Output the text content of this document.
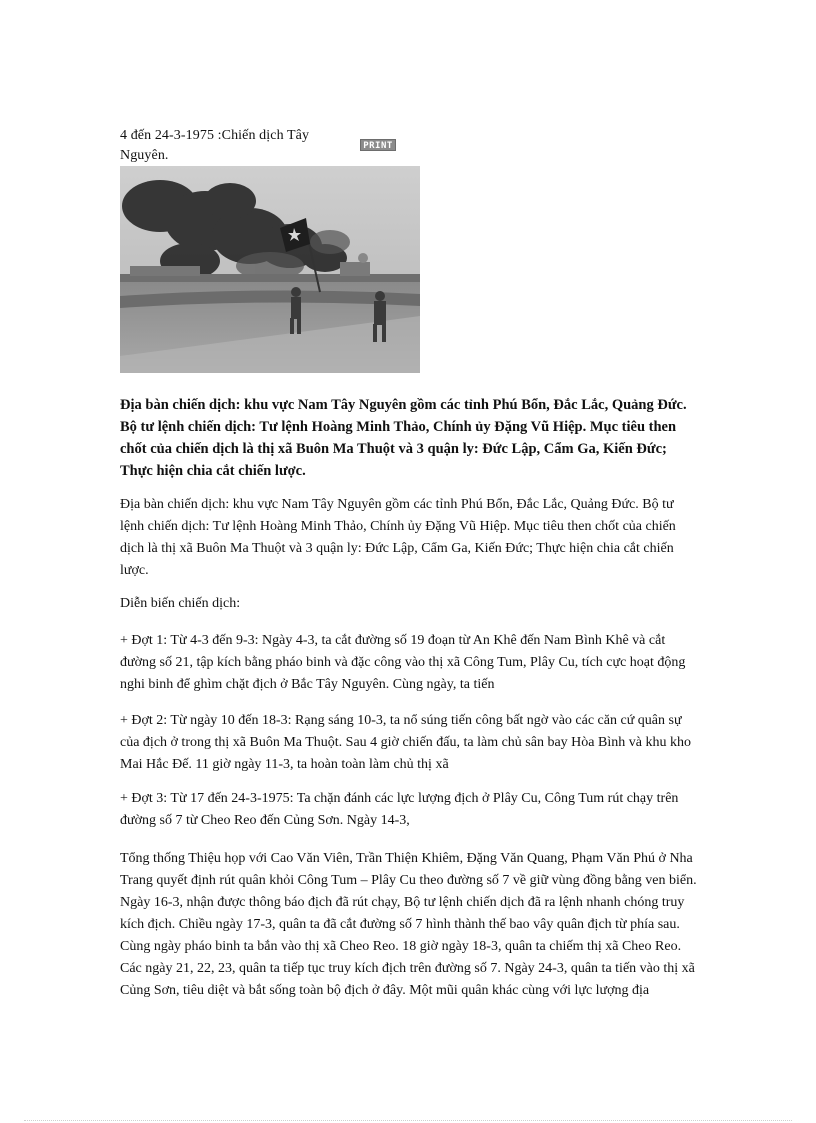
4 đến 24-3-1975 :Chiến dịch Tây Nguyên.
PRINT
Địa bàn chiến dịch: khu vực Nam Tây Nguyên gồm các tỉnh Phú Bổn, Đắc Lắc, Quảng Đức. Bộ tư lệnh chiến dịch: Tư lệnh Hoàng Minh Thảo, Chính ủy Đặng Vũ Hiệp. Mục tiêu then chốt của chiến dịch là thị xã Buôn Ma Thuột và 3 quận ly: Đức Lập, Cẩm Ga, Kiến Đức; Thực hiện chia cắt chiến lược.
Địa bàn chiến dịch: khu vực Nam Tây Nguyên gồm các tỉnh Phú Bổn, Đắc Lắc, Quảng Đức. Bộ tư lệnh chiến dịch: Tư lệnh Hoàng Minh Thảo, Chính ủy Đặng Vũ Hiệp. Mục tiêu then chốt của chiến dịch là thị xã Buôn Ma Thuột và 3 quận ly: Đức Lập, Cẩm Ga, Kiến Đức; Thực hiện chia cắt chiến lược.
Diễn biến chiến dịch:
+ Đợt 1: Từ 4-3 đến 9-3: Ngày 4-3, ta cắt đường số 19 đoạn từ An Khê đến Nam Bình Khê và cắt đường số 21, tập kích bằng pháo binh và đặc công vào thị xã Công Tum, Plây Cu, tích cực hoạt động nghi binh để ghìm chặt địch ở Bắc Tây Nguyên. Cùng ngày, ta tiến
+ Đợt 2: Từ ngày 10 đến 18-3: Rạng sáng 10-3, ta nổ súng tiến công bất ngờ vào các căn cứ quân sự của địch ở trong thị xã Buôn Ma Thuột. Sau 4 giờ chiến đấu, ta làm chủ sân bay Hòa Bình và khu kho Mai Hắc Đế. 11 giờ ngày 11-3, ta hoàn toàn làm chủ thị xã
+ Đợt 3: Từ 17 đến 24-3-1975: Ta chặn đánh các lực lượng địch ở Plây Cu, Công Tum rút chạy trên đường số 7 từ Cheo Reo đến Củng Sơn. Ngày 14-3,
Tổng thống Thiệu họp với Cao Văn Viên, Trần Thiện Khiêm, Đặng Văn Quang, Phạm Văn Phú ở Nha Trang quyết định rút quân khỏi Công Tum – Plây Cu theo đường số 7 về giữ vùng đồng bằng ven biển. Ngày 16-3, nhận được thông báo địch đã rút chạy, Bộ tư lệnh chiến dịch đã ra lệnh nhanh chóng truy kích địch. Chiều ngày 17-3, quân ta đã cắt đường số 7 hình thành thế bao vây quân địch từ phía sau. Cùng ngày pháo binh ta bắn vào thị xã Cheo Reo. 18 giờ ngày 18-3, quân ta chiếm thị xã Cheo Reo. Các ngày 21, 22, 23, quân ta tiếp tục truy kích địch trên đường số 7. Ngày 24-3, quân ta tiến vào thị xã Củng Sơn, tiêu diệt và bắt sống toàn bộ địch ở đây. Một mũi quân khác cùng với lực lượng địa
